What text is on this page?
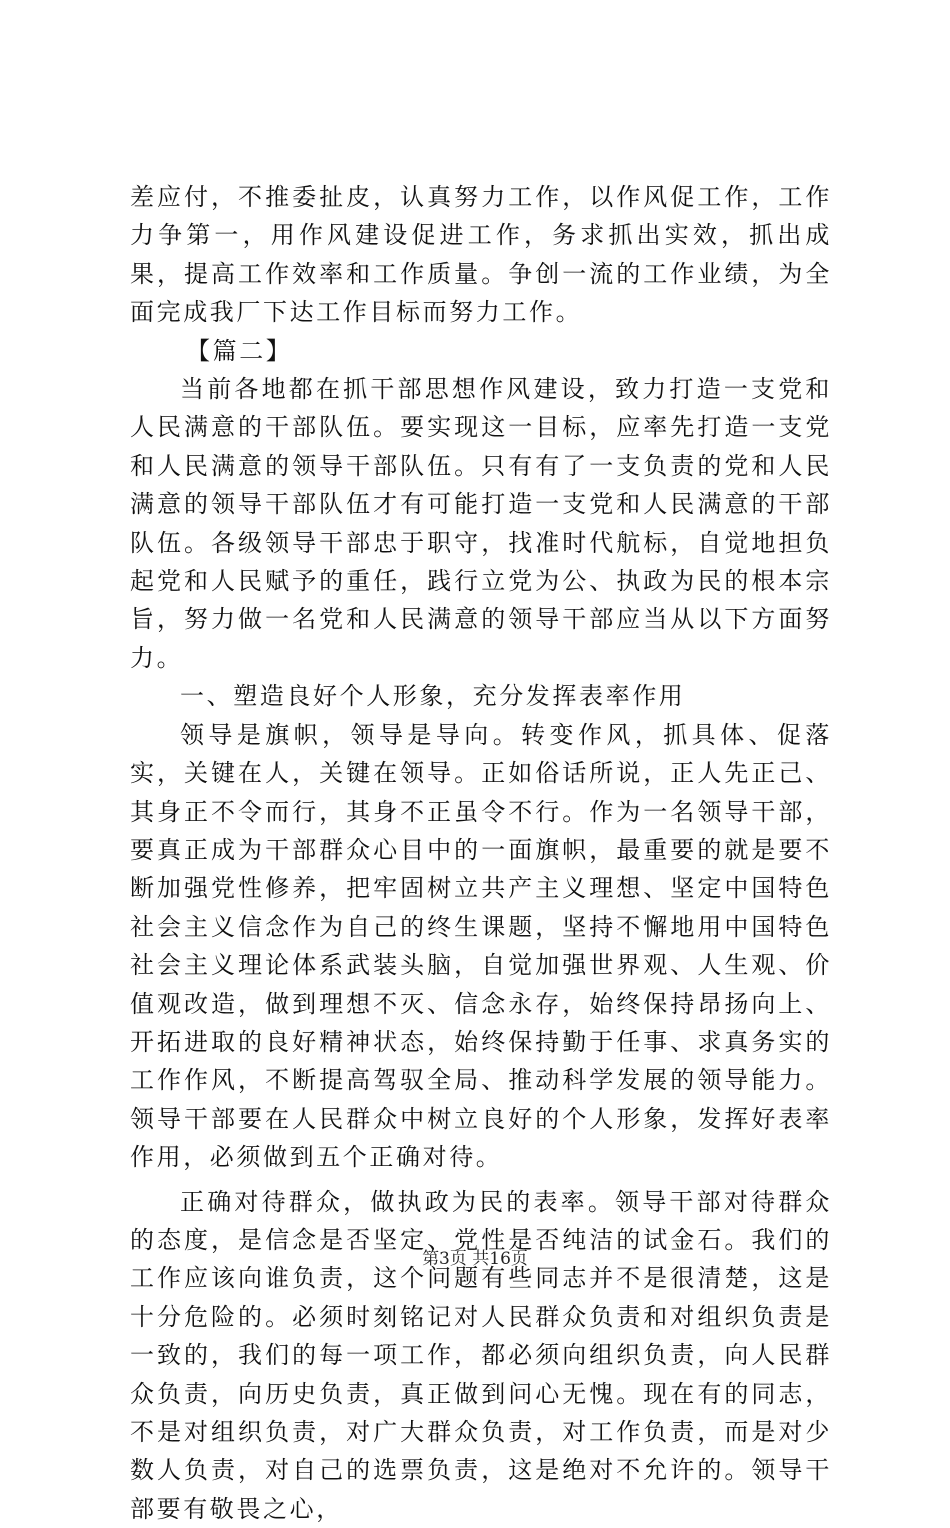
差应付，不推委扯皮，认真努力工作，以作风促工作，工作力争第一，用作风建设促进工作，务求抓出实效，抓出成果，提高工作效率和工作质量。争创一流的工作业绩，为全面完成我厂下达工作目标而努力工作。

【篇二】

当前各地都在抓干部思想作风建设，致力打造一支党和人民满意的干部队伍。要实现这一目标，应率先打造一支党和人民满意的领导干部队伍。只有有了一支负责的党和人民满意的领导干部队伍才有可能打造一支党和人民满意的干部队伍。各级领导干部忠于职守，找准时代航标，自觉地担负起党和人民赋予的重任，践行立党为公、执政为民的根本宗旨，努力做一名党和人民满意的领导干部应当从以下方面努力。

一、塑造良好个人形象，充分发挥表率作用

领导是旗帜，领导是导向。转变作风，抓具体、促落实，关键在人，关键在领导。正如俗话所说，正人先正己、其身正不令而行，其身不正虽令不行。作为一名领导干部，要真正成为干部群众心目中的一面旗帜，最重要的就是要不断加强党性修养，把牢固树立共产主义理想、坚定中国特色社会主义信念作为自己的终生课题，坚持不懈地用中国特色社会主义理论体系武装头脑，自觉加强世界观、人生观、价值观改造，做到理想不灭、信念永存，始终保持昂扬向上、开拓进取的良好精神状态，始终保持勤于任事、求真务实的工作作风，不断提高驾驭全局、推动科学发展的领导能力。领导干部要在人民群众中树立良好的个人形象，发挥好表率作用，必须做到五个正确对待。

正确对待群众，做执政为民的表率。领导干部对待群众的态度，是信念是否坚定、党性是否纯洁的试金石。我们的工作应该向谁负责，这个问题有些同志并不是很清楚，这是十分危险的。必须时刻铭记对人民群众负责和对组织负责是一致的，我们的每一项工作，都必须向组织负责，向人民群众负责，向历史负责，真正做到问心无愧。现在有的同志，不是对组织负责，对广大群众负责，对工作负责，而是对少数人负责，对自己的选票负责，这是绝对不允许的。领导干部要有敬畏之心，

第3页 共16页
